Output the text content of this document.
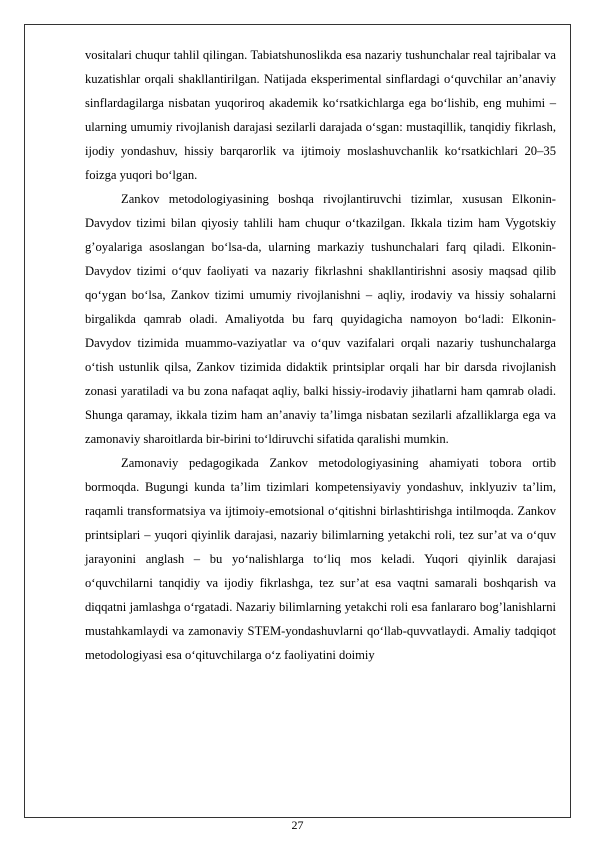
vositalari chuqur tahlil qilingan. Tabiatshunoslikda esa nazariy tushunchalar real tajribalar va kuzatishlar orqali shakllantirilgan. Natijada eksperimental sinflardagi o‘quvchilar an’anaviy sinflardagilarga nisbatan yuqoriroq akademik ko‘rsatkichlarga ega bo‘lishib, eng muhimi – ularning umumiy rivojlanish darajasi sezilarli darajada o‘sgan: mustaqillik, tanqidiy fikrlash, ijodiy yondashuv, hissiy barqarorlik va ijtimoiy moslashuvchanlik ko‘rsatkichlari 20–35 foizga yuqori bo‘lgan.

Zankov metodologiyasining boshqa rivojlantiruvchi tizimlar, xususan Elkonin-Davydov tizimi bilan qiyosiy tahlili ham chuqur o‘tkazilgan. Ikkala tizim ham Vygotskiy g’oyalariga asoslangan bo‘lsa-da, ularning markaziy tushunchalari farq qiladi. Elkonin-Davydov tizimi o‘quv faoliyati va nazariy fikrlashni shakllantirishni asosiy maqsad qilib qo‘ygan bo‘lsa, Zankov tizimi umumiy rivojlanishni – aqliy, irodaviy va hissiy sohalarni birgalikda qamrab oladi. Amaliyotda bu farq quyidagicha namoyon bo‘ladi: Elkonin-Davydov tizimida muammo-vaziyatlar va o‘quv vazifalari orqali nazariy tushunchalarga o‘tish ustunlik qilsa, Zankov tizimida didaktik printsiplar orqali har bir darsda rivojlanish zonasi yaratiladi va bu zona nafaqat aqliy, balki hissiy-irodaviy jihatlarni ham qamrab oladi. Shunga qaramay, ikkala tizim ham an’anaviy ta’limga nisbatan sezilarli afzalliklarga ega va zamonaviy sharoitlarda bir-birini to‘ldiruvchi sifatida qaralishi mumkin.

Zamonaviy pedagogikada Zankov metodologiyasining ahamiyati tobora ortib bormoqda. Bugungi kunda ta’lim tizimlari kompetensiyaviy yondashuv, inklyuziv ta’lim, raqamli transformatsiya va ijtimoiy-emotsional o‘qitishni birlashtirishga intilmoqda. Zankov printsiplari – yuqori qiyinlik darajasi, nazariy bilimlarning yetakchi roli, tez sur’at va o‘quv jarayonini anglash – bu yo‘nalishlarga to‘liq mos keladi. Yuqori qiyinlik darajasi o‘quvchilarni tanqidiy va ijodiy fikrlashga, tez sur’at esa vaqtni samarali boshqarish va diqqatni jamlashga o‘rgatadi. Nazariy bilimlarning yetakchi roli esa fanlararo bog’lanishlarni mustahkamlaydi va zamonaviy STEM-yondashuvlarni qo‘llab-quvvatlaydi. Amaliy tadqiqot metodologiyasi esa o‘qituvchilarga o‘z faoliyatini doimiy

27
